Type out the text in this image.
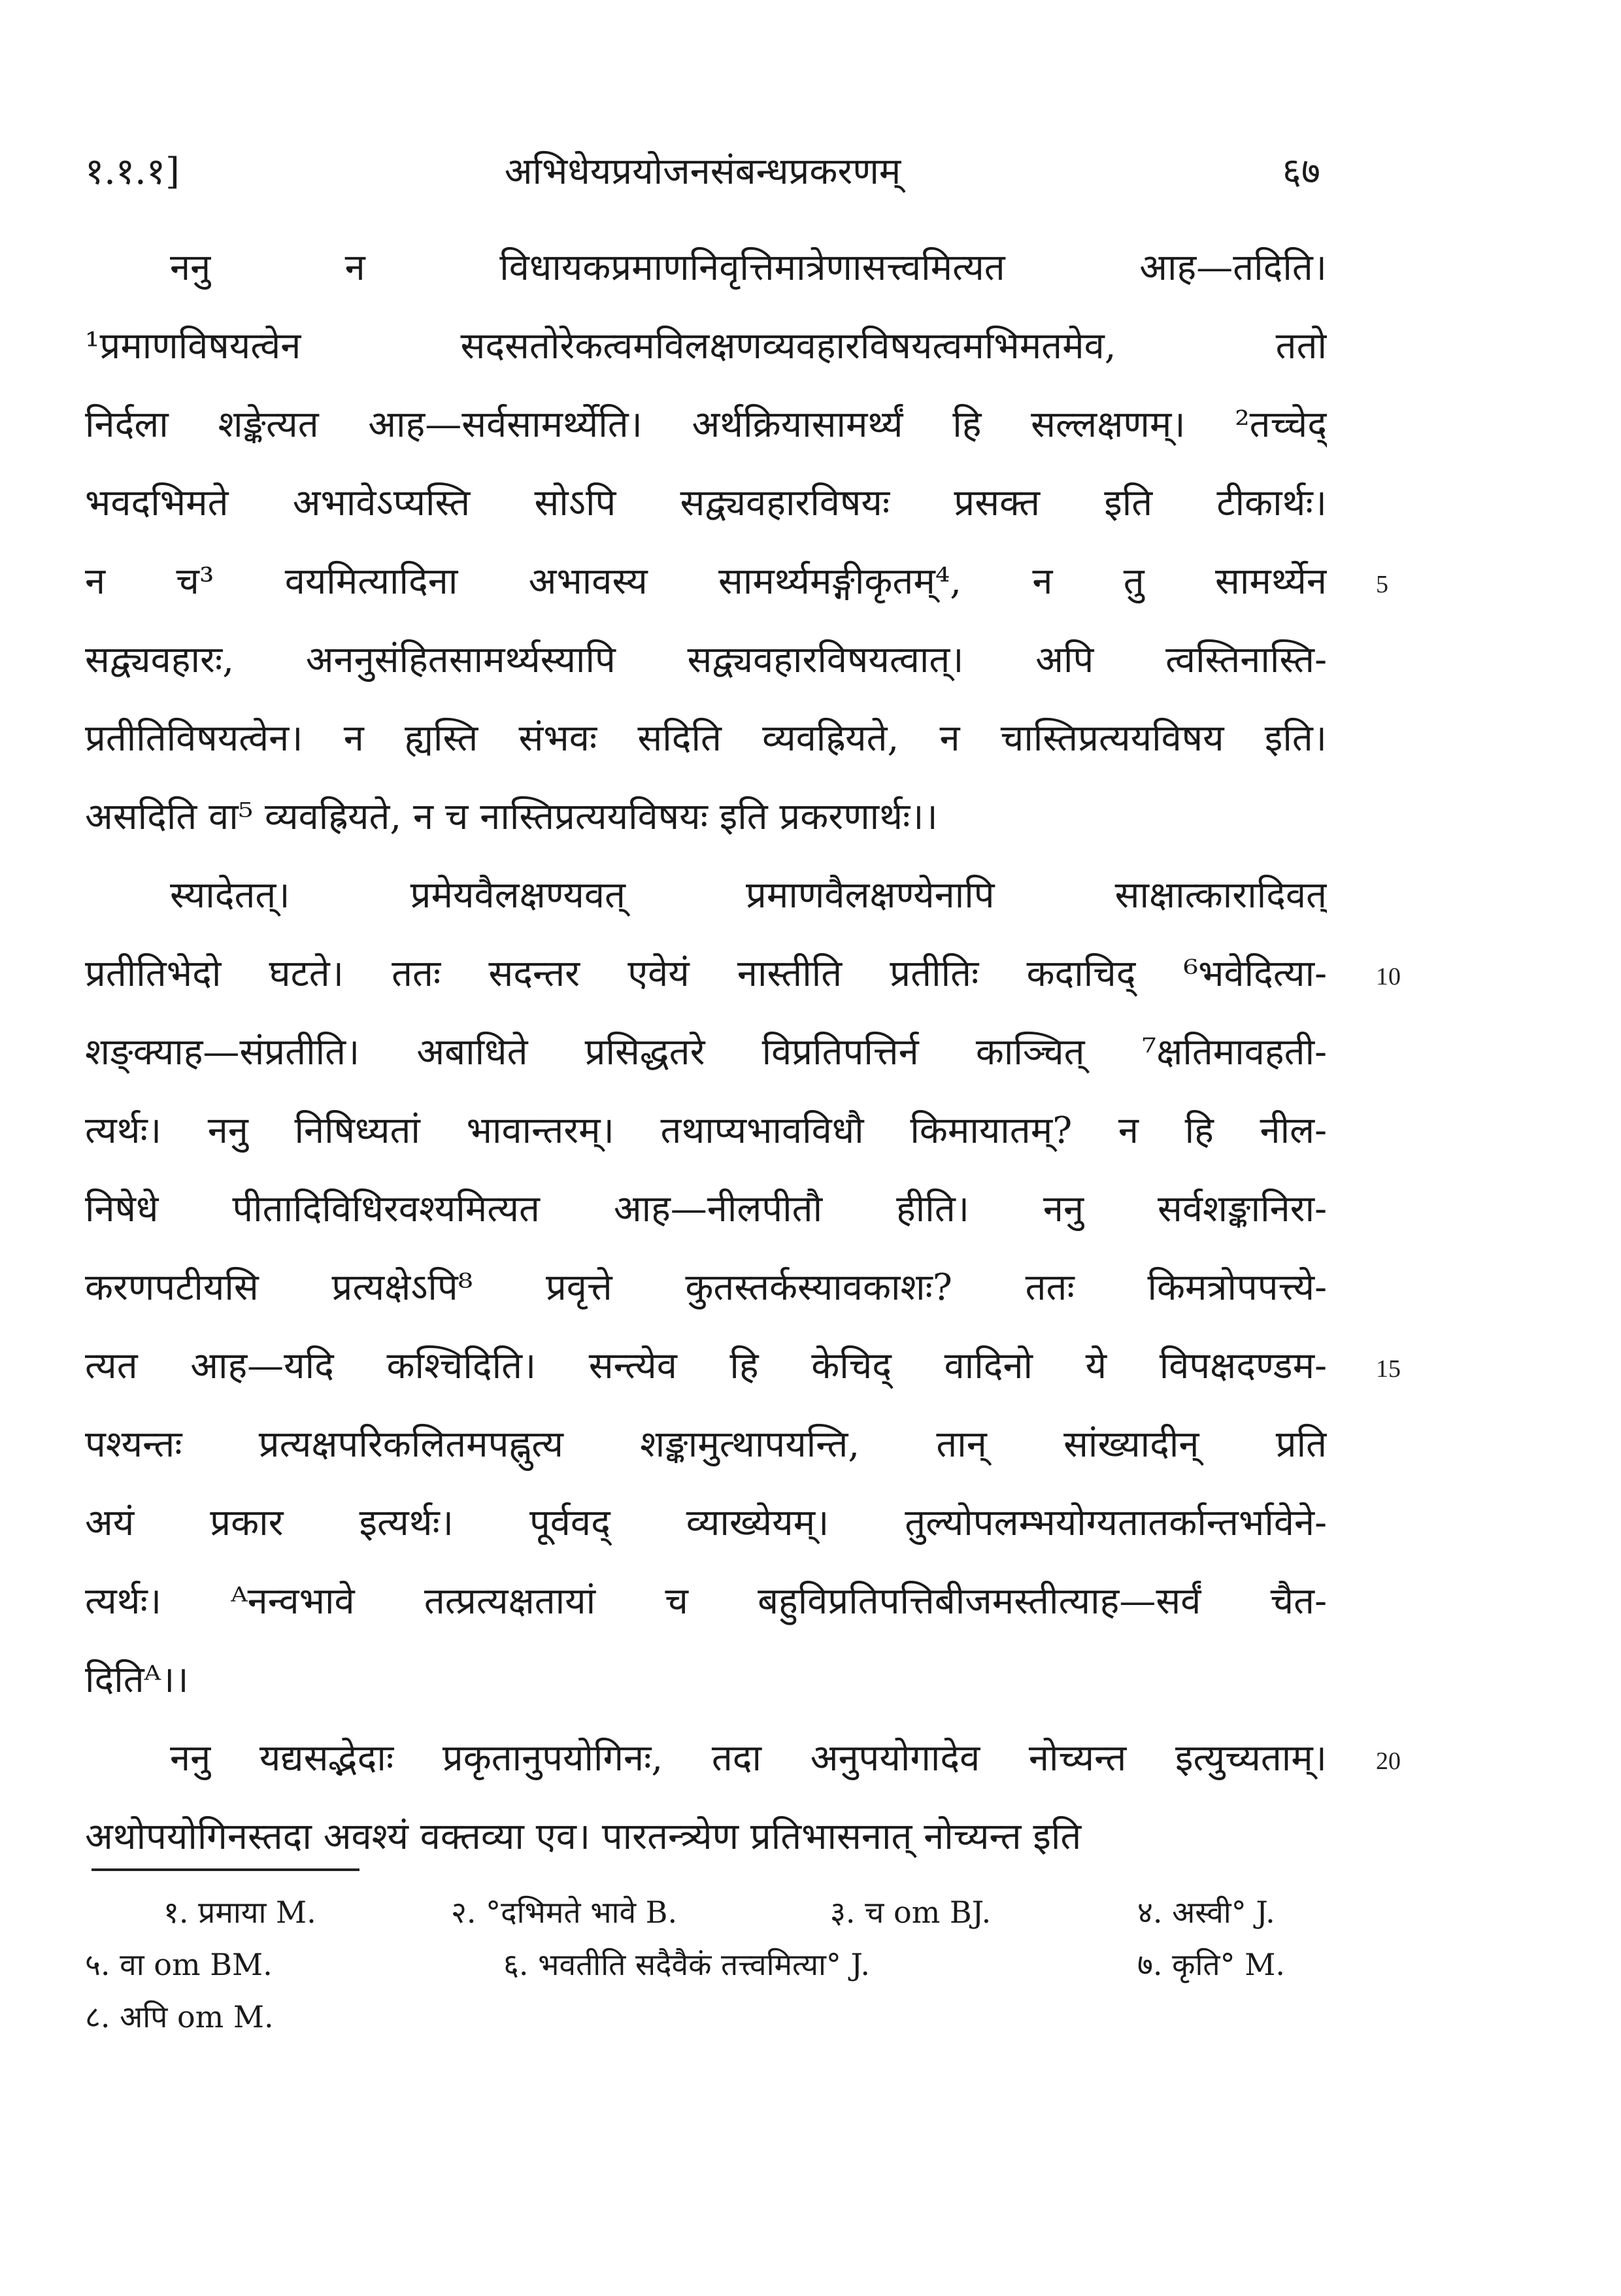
१.१.१]	अभिधेयप्रयोजनसंबन्धप्रकरणम्	६७
ननु न विधायकप्रमाणनिवृत्तिमात्रेणासत्त्वमित्यत आह—तदिति।
¹प्रमाणविषयत्वेन सदसतोरेकत्वमविलक्षणव्यवहारविषयत्वमभिमतमेव, ततो
निर्दला शङ्केत्यत आह—सर्वसामर्थ्येति। अर्थक्रियासामर्थ्यं हि सल्लक्षणम्। ²तच्चेद्
भवदभिमते अभावेऽप्यस्ति सोऽपि सद्व्यवहारविषयः प्रसक्त इति टीकार्थः।
न च³ वयमित्यादिना अभावस्य सामर्थ्यमङ्गीकृतम्⁴, न तु सामर्थ्येन
सद्व्यवहारः, अननुसंहितसामर्थ्यस्यापि सद्व्यवहारविषयत्वात्। अपि त्वस्तिनास्ति-
प्रतीतिविषयत्वेन। न ह्यस्ति संभवः सदिति व्यवह्रियते, न चास्तिप्रत्ययविषय इति।
असदिति वा⁵ व्यवह्रियते, न च नास्तिप्रत्ययविषयः इति प्रकरणार्थः।।
स्यादेतत्। प्रमेयवैलक्षण्यवत् प्रमाणवैलक्षण्येनापि साक्षात्कारादिवत्
प्रतीतिभेदो घटते। ततः सदन्तर एवेयं नास्तीति प्रतीतिः कदाचिद् ⁶भवेदित्या-
शङ्क्याह—संप्रतीति। अबाधिते प्रसिद्धतरे विप्रतिपत्तिर्न काञ्चित् ⁷क्षतिमावहती-
त्यर्थः। ननु निषिध्यतां भावान्तरम्। तथाप्यभावविधौ किमायातम्? न हि नील-
निषेधे पीतादिविधिरवश्यमित्यत आह—नीलपीतौ हीति। ननु सर्वशङ्कानिरा-
करणपटीयसि प्रत्यक्षेऽपि⁸ प्रवृत्ते कुतस्तर्कस्यावकाशः? ततः किमत्रोपपत्त्ये-
त्यत आह—यदि कश्चिदिति। सन्त्येव हि केचिद् वादिनो ये विपक्षदण्डम-
पश्यन्तः प्रत्यक्षपरिकलितमपह्नुत्य शङ्कामुत्थापयन्ति, तान् सांख्यादीन् प्रति
अयं प्रकार इत्यर्थः। पूर्ववद् व्याख्येयम्। तुल्योपलम्भयोग्यतातर्कान्तर्भावेने-
त्यर्थः। ᴬनन्वभावे तत्प्रत्यक्षतायां च बहुविप्रतिपत्तिबीजमस्तीत्याह—सर्वं चैत-
दितिᴬ।।
ननु यद्यसद्भेदाः प्रकृतानुपयोगिनः, तदा अनुपयोगादेव नोच्यन्त इत्युच्यताम्।
अथोपयोगिनस्तदा अवश्यं वक्तव्या एव। पारतन्त्र्येण प्रतिभासनात् नोच्यन्त इति
5
10
15
20
१. प्रमाया M.	२. °दभिमते भावे B.	३. च om BJ.	४. अस्वी° J.
५. वा om BM.	६. भवतीति सदैवैकं तत्त्वमित्या° J.	७. कृति° M.
८. अपि om M.
